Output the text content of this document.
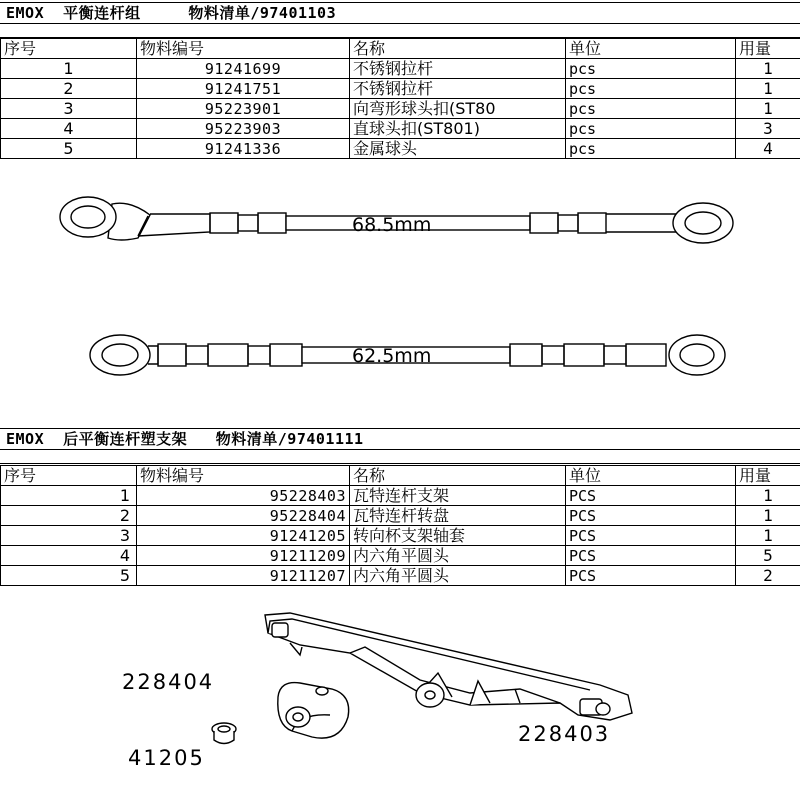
EMOX  平衡连杆组     物料清单/97401103
序号	物料编号	名称	单位	用量
1	91241699	不锈钢拉杆	pcs	1
2	91241751	不锈钢拉杆	pcs	1
3	95223901	向弯形球头扣(ST80	pcs	1
4	95223903	直球头扣(ST801)	pcs	3
5	91241336	金属球头	pcs	4
68.5mm
62.5mm
EMOX  后平衡连杆塑支架   物料清单/97401111
序号	物料编号	名称	单位	用量
1	95228403	瓦特连杆支架	PCS	1
2	95228404	瓦特连杆转盘	PCS	1
3	91241205	转向杯支架轴套	PCS	1
4	91211209	内六角平圆头	PCS	5
5	91211207	内六角平圆头	PCS	2
228404
228403
41205
